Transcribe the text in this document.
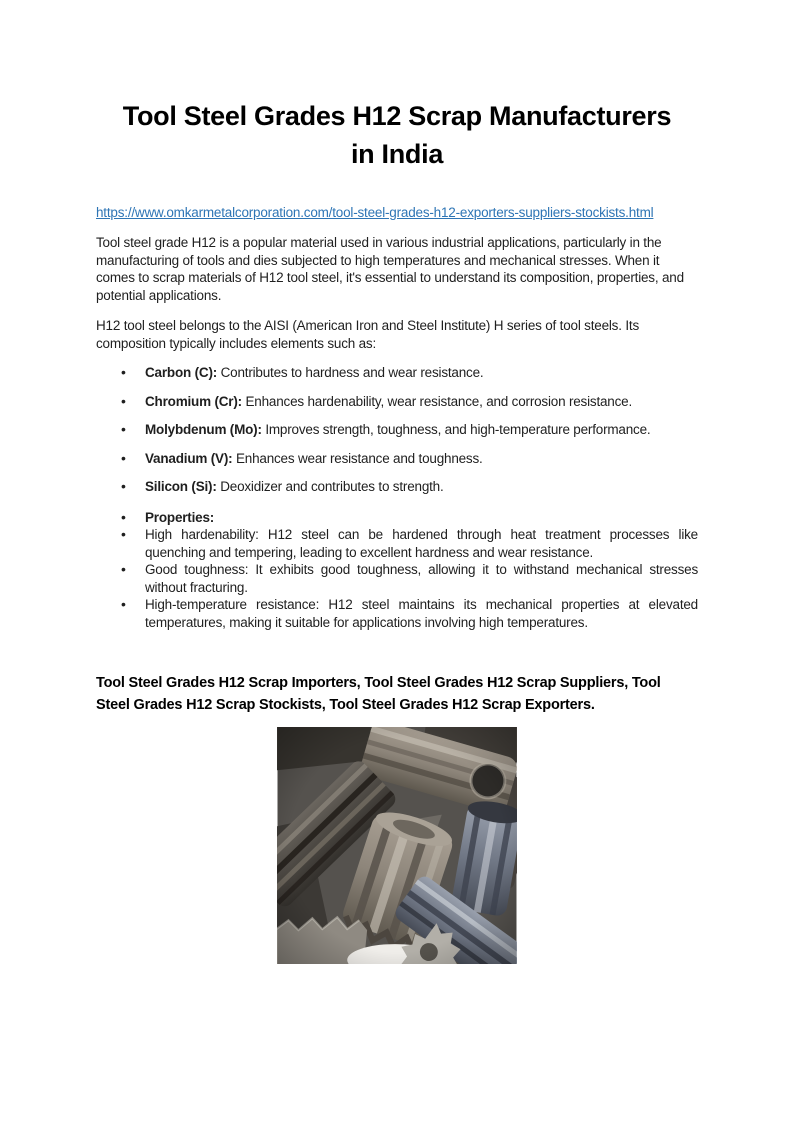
Tool Steel Grades H12 Scrap Manufacturers
in India

https://www.omkarmetalcorporation.com/tool-steel-grades-h12-exporters-suppliers-stockists.html

Tool steel grade H12 is a popular material used in various industrial applications, particularly in the manufacturing of tools and dies subjected to high temperatures and mechanical stresses. When it comes to scrap materials of H12 tool steel, it's essential to understand its composition, properties, and potential applications.

H12 tool steel belongs to the AISI (American Iron and Steel Institute) H series of tool steels. Its composition typically includes elements such as:

• Carbon (C): Contributes to hardness and wear resistance.
• Chromium (Cr): Enhances hardenability, wear resistance, and corrosion resistance.
• Molybdenum (Mo): Improves strength, toughness, and high-temperature performance.
• Vanadium (V): Enhances wear resistance and toughness.
• Silicon (Si): Deoxidizer and contributes to strength.
• Properties:
• High hardenability: H12 steel can be hardened through heat treatment processes like quenching and tempering, leading to excellent hardness and wear resistance.
• Good toughness: It exhibits good toughness, allowing it to withstand mechanical stresses without fracturing.
• High-temperature resistance: H12 steel maintains its mechanical properties at elevated temperatures, making it suitable for applications involving high temperatures.

Tool Steel Grades H12 Scrap Importers, Tool Steel Grades H12 Scrap Suppliers, Tool Steel Grades H12 Scrap Stockists, Tool Steel Grades H12 Scrap Exporters.
